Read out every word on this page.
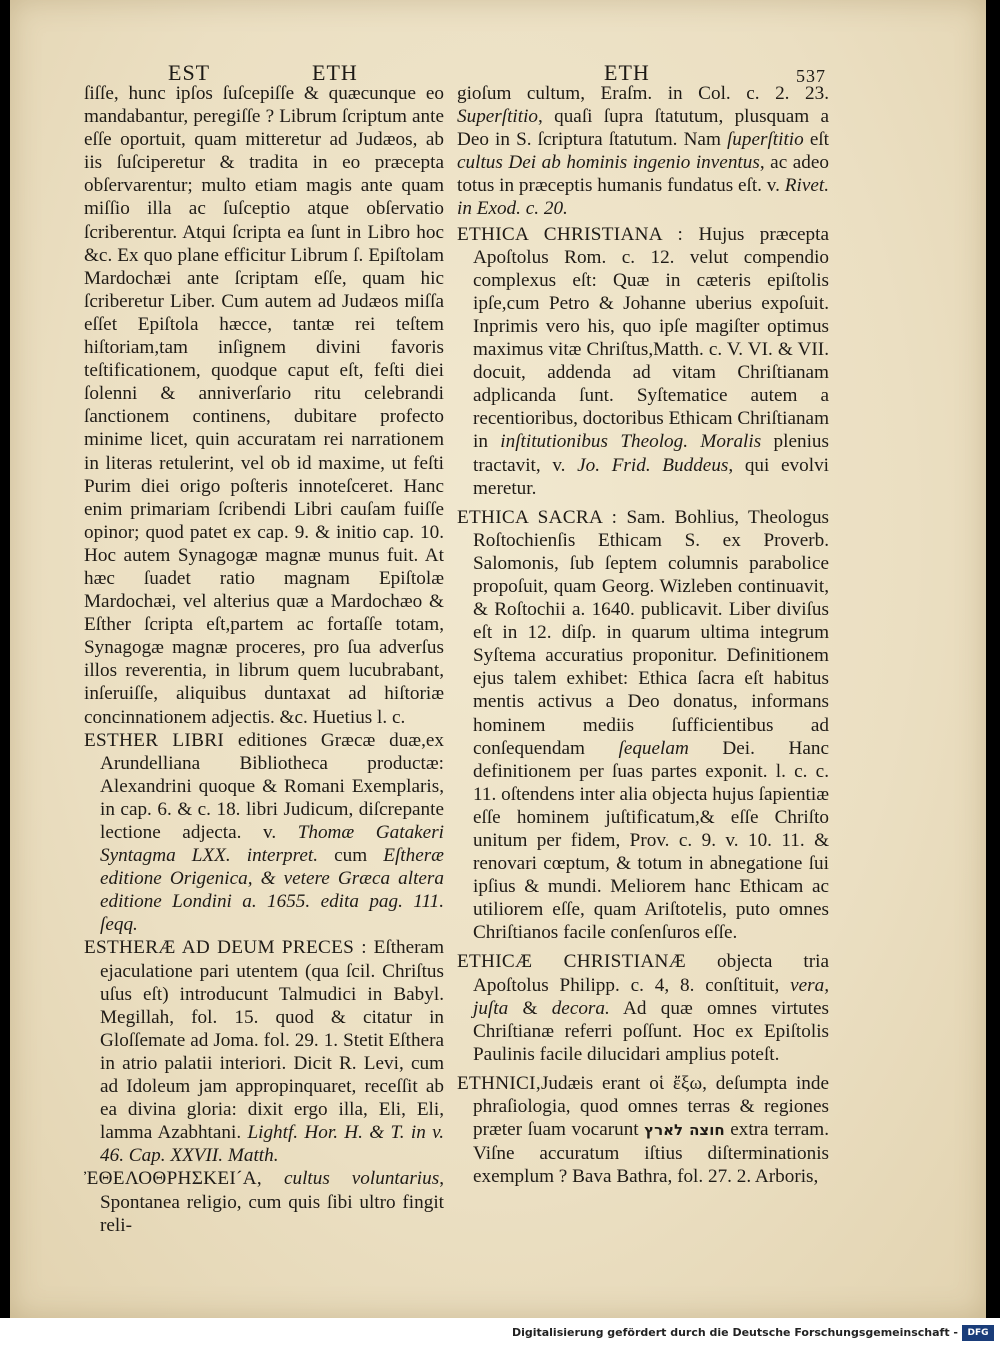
EST	ETH	ETH	537

ſiſſe, hunc ipſos ſuſcepiſſe & quæcunque eo mandabantur, peregiſſe ? Librum ſcriptum ante eſſe oportuit, quam mitteretur ad Judæos, ab iis ſuſciperetur & tradita in eo præcepta obſervarentur; multo etiam magis ante quam miſſio illa ac ſuſceptio atque obſervatio ſcriberentur. Atqui ſcripta ea ſunt in Libro hoc &c. Ex quo plane efficitur Librum ſ. Epiſtolam Mardochæi ante ſcriptam eſſe, quam hic ſcriberetur Liber. Cum autem ad Judæos miſſa eſſet Epiſtola hæcce, tantæ rei teſtem hiſtoriam,tam inſignem divini favoris teſtificationem, quodque caput eſt, feſti diei ſolenni & anniverſario ritu celebrandi ſanctionem continens, dubitare profecto minime licet, quin accuratam rei narrationem in literas retulerint, vel ob id maxime, ut feſti Purim diei origo poſteris innoteſceret. Hanc enim primariam ſcribendi Libri cauſam fuiſſe opinor; quod patet ex cap. 9. & initio cap. 10. Hoc autem Synagogæ magnæ munus fuit. At hæc ſuadet ratio magnam Epiſtolæ Mardochæi, vel alterius quæ a Mardochæo & Eſther ſcripta eſt,partem ac fortaſſe totam, Synagogæ magnæ proceres, pro ſua adverſus illos reverentia, in librum quem lucubrabant, inſeruiſſe, aliquibus duntaxat ad hiſtoriæ concinnationem adjectis. &c. Huetius l. c.

ESTHER LIBRI editiones Græcæ duæ,ex Arundelliana Bibliotheca productæ: Alexandrini quoque & Romani Exemplaris, in cap. 6. & c. 18. libri Judicum, diſcrepante lectione adjecta. v. Thomæ Gatakeri Syntagma LXX. interpret. cum Eſtheræ editione Origenica, & vetere Græca altera editione Londini a. 1655. edita pag. 111. ſeqq.

ESTHERÆ AD DEUM PRECES : Eſtheram ejaculatione pari utentem (qua ſcil. Chriſtus uſus eſt) introducunt Talmudici in Babyl. Megillah, fol. 15. quod & citatur in Gloſſemate ad Joma. fol. 29. 1. Stetit Eſthera in atrio palatii interiori. Dicit R. Levi, cum ad Idoleum jam appropinquaret, receſſit ab ea divina gloria: dixit ergo illa, Eli, Eli, lamma Azabhtani. Lightf. Hor. H. & T. in v. 46. Cap. XXVII. Matth.

ἘΘΕΛΟΘΡΗΣΚΕΙ´Α, cultus voluntarius, Spontanea religio, cum quis ſibi ultro fingit reli-

gioſum cultum, Eraſm. in Col. c. 2. 23. Superſtitio, quaſi ſupra ſtatutum, plusquam a Deo in S. ſcriptura ſtatutum. Nam ſuperſtitio eſt cultus Dei ab hominis ingenio inventus, ac adeo totus in præceptis humanis fundatus eſt. v. Rivet. in Exod. c. 20.

ETHICA CHRISTIANA : Hujus præcepta Apoſtolus Rom. c. 12. velut compendio complexus eſt: Quæ in cæteris epiſtolis ipſe,cum Petro & Johanne uberius expoſuit. Inprimis vero his, quo ipſe magiſter optimus maximus vitæ Chriſtus,Matth. c. V. VI. & VII. docuit, addenda ad vitam Chriſtianam adplicanda ſunt. Syſtematice autem a recentioribus, doctoribus Ethicam Chriſtianam in inſtitutionibus Theolog. Moralis plenius tractavit, v. Jo. Frid. Buddeus, qui evolvi meretur.

ETHICA SACRA : Sam. Bohlius, Theologus Roſtochienſis Ethicam S. ex Proverb. Salomonis, ſub ſeptem columnis parabolice propoſuit, quam Georg. Wizleben continuavit, & Roſtochii a. 1640. publicavit. Liber diviſus eſt in 12. diſp. in quarum ultima integrum Syſtema accuratius proponitur. Definitionem ejus talem exhibet: Ethica ſacra eſt habitus mentis activus a Deo donatus, informans hominem mediis ſufficientibus ad conſequendam ſequelam Dei. Hanc definitionem per ſuas partes exponit. l. c. c. 11. oſtendens inter alia objecta hujus ſapientiæ eſſe hominem juſtificatum,& eſſe Chriſto unitum per fidem, Prov. c. 9. v. 10. 11. & renovari cœptum, & totum in abnegatione ſui ipſius & mundi. Meliorem hanc Ethicam ac utiliorem eſſe, quam Ariſtotelis, puto omnes Chriſtianos facile conſenſuros eſſe.

ETHICÆ CHRISTIANÆ objecta tria Apoſtolus Philipp. c. 4, 8. conſtituit, vera, juſta & decora. Ad quæ omnes virtutes Chriſtianæ referri poſſunt. Hoc ex Epiſtolis Paulinis facile dilucidari amplius poteſt.

ETHNICI,Judæis erant οἱ ἔξω, deſumpta inde phraſiologia, quod omnes terras & regiones præter ſuam vocarunt חוצה לארץ extra terram. Viſne accuratum iſtius diſterminationis exemplum ? Bava Bathra, fol. 27. 2. Arboris,

Digitalisierung gefördert durch die Deutsche Forschungsgemeinschaft -	DFG
